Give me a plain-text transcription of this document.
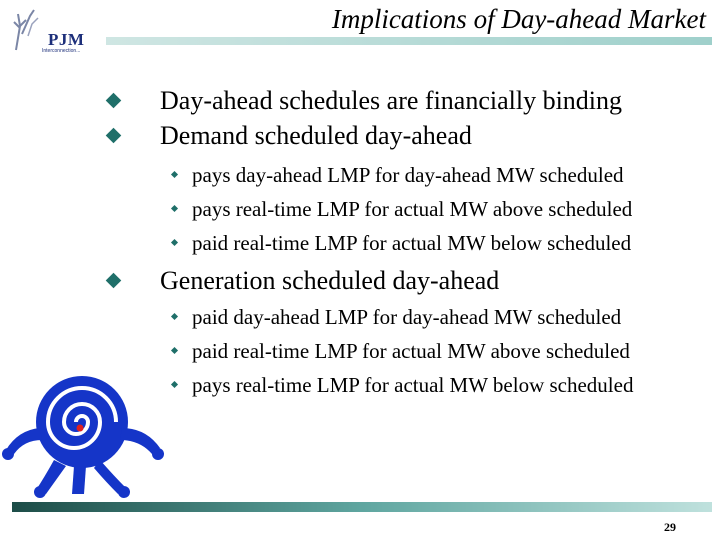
PJM
Interconnection...
Implications of Day-ahead Market
Day-ahead schedules are financially binding
Demand scheduled day-ahead
pays day-ahead LMP for day-ahead MW scheduled
pays real-time LMP for actual MW above scheduled
paid real-time LMP for actual MW below scheduled
Generation scheduled day-ahead
paid day-ahead LMP for day-ahead MW scheduled
paid real-time LMP for actual MW above scheduled
pays real-time LMP for actual MW below scheduled
29
